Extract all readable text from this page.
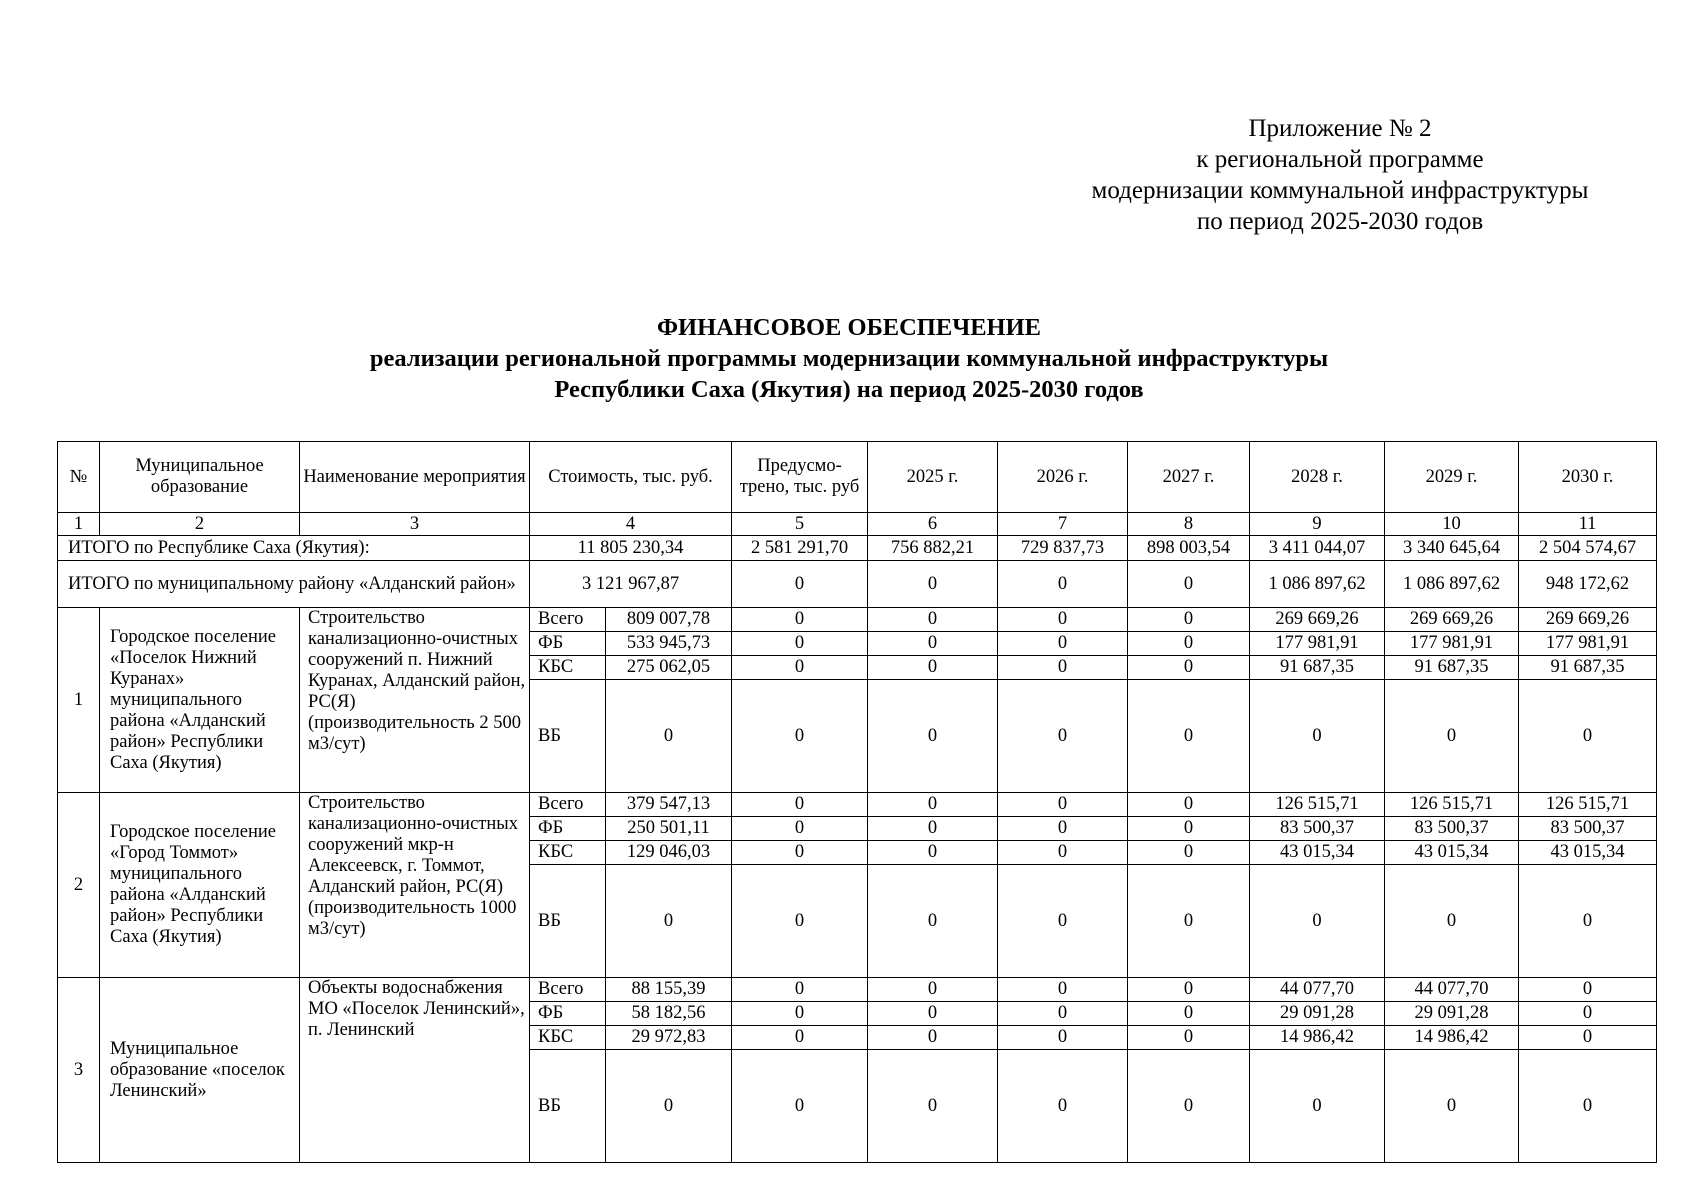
Приложение № 2
к региональной программе
модернизации коммунальной инфраструктуры
по период 2025-2030 годов
ФИНАНСОВОЕ ОБЕСПЕЧЕНИЕ
реализации региональной программы модернизации коммунальной инфраструктуры
Республики Саха (Якутия) на период 2025-2030 годов
№	Муниципальное образование	Наименование мероприятия	Стоимость, тыс. руб.		Предусмо-трено, тыс. руб	2025 г.	2026 г.	2027 г.	2028 г.	2029 г.	2030 г.
1	2	3	4		5	6	7	8	9	10	11
ИТОГО по Республике Саха (Якутия):			11 805 230,34		2 581 291,70	756 882,21	729 837,73	898 003,54	3 411 044,07	3 340 645,64	2 504 574,67
ИТОГО по муниципальному району «Алданский район»			3 121 967,87		0	0	0	0	1 086 897,62	1 086 897,62	948 172,62
1	Городское поселение «Поселок Нижний Куранах» муниципального района «Алданский район» Республики Саха (Якутия)	Строительство канализационно-очистных сооружений п. Нижний Куранах, Алданский район, РС(Я) (производительность 2 500 м3/сут)	Всего	809 007,78	0	0	0	0	269 669,26	269 669,26	269 669,26
			ФБ	533 945,73	0	0	0	0	177 981,91	177 981,91	177 981,91
			КБС	275 062,05	0	0	0	0	91 687,35	91 687,35	91 687,35
			ВБ	0	0	0	0	0	0	0	0
2	Городское поселение «Город Томмот» муниципального района «Алданский район» Республики Саха (Якутия)	Строительство канализационно-очистных сооружений мкр-н Алексеевск, г. Томмот, Алданский район, РС(Я) (производительность 1000 м3/сут)	Всего	379 547,13	0	0	0	0	126 515,71	126 515,71	126 515,71
			ФБ	250 501,11	0	0	0	0	83 500,37	83 500,37	83 500,37
			КБС	129 046,03	0	0	0	0	43 015,34	43 015,34	43 015,34
			ВБ	0	0	0	0	0	0	0	0
3	Муниципальное образование «поселок Ленинский»	Объекты водоснабжения МО «Поселок Ленинский», п. Ленинский	Всего	88 155,39	0	0	0	0	44 077,70	44 077,70	0
			ФБ	58 182,56	0	0	0	0	29 091,28	29 091,28	0
			КБС	29 972,83	0	0	0	0	14 986,42	14 986,42	0
			ВБ	0	0	0	0	0	0	0	0
